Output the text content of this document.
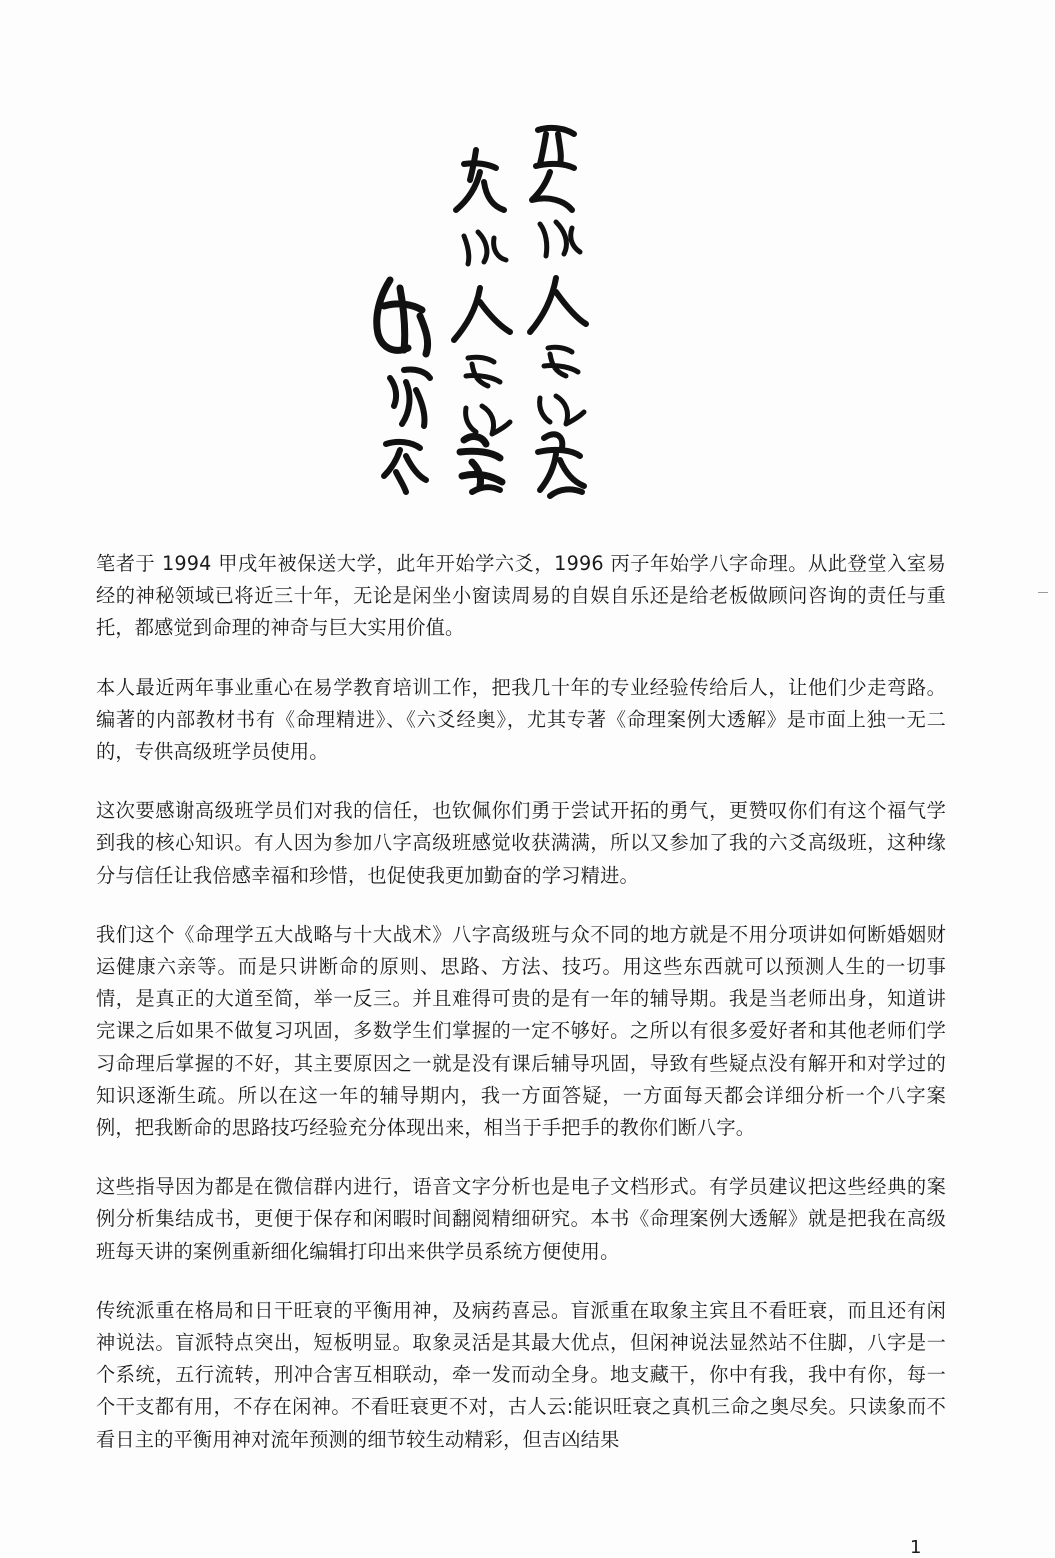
笔者于 1994 甲戌年被保送大学，此年开始学六爻，1996 丙子年始学八字命理。从此登堂入室易经的神秘领域已将近三十年，无论是闲坐小窗读周易的自娱自乐还是给老板做顾问咨询的责任与重托，都感觉到命理的神奇与巨大实用价值。

本人最近两年事业重心在易学教育培训工作，把我几十年的专业经验传给后人，让他们少走弯路。编著的内部教材书有《命理精进》、《六爻经奥》，尤其专著《命理案例大透解》是市面上独一无二的，专供高级班学员使用。

这次要感谢高级班学员们对我的信任，也钦佩你们勇于尝试开拓的勇气，更赞叹你们有这个福气学到我的核心知识。有人因为参加八字高级班感觉收获满满，所以又参加了我的六爻高级班，这种缘分与信任让我倍感幸福和珍惜，也促使我更加勤奋的学习精进。

我们这个《命理学五大战略与十大战术》八字高级班与众不同的地方就是不用分项讲如何断婚姻财运健康六亲等。而是只讲断命的原则、思路、方法、技巧。用这些东西就可以预测人生的一切事情，是真正的大道至简，举一反三。并且难得可贵的是有一年的辅导期。我是当老师出身，知道讲完课之后如果不做复习巩固，多数学生们掌握的一定不够好。之所以有很多爱好者和其他老师们学习命理后掌握的不好，其主要原因之一就是没有课后辅导巩固，导致有些疑点没有解开和对学过的知识逐渐生疏。所以在这一年的辅导期内，我一方面答疑，一方面每天都会详细分析一个八字案例，把我断命的思路技巧经验充分体现出来，相当于手把手的教你们断八字。

这些指导因为都是在微信群内进行，语音文字分析也是电子文档形式。有学员建议把这些经典的案例分析集结成书，更便于保存和闲暇时间翻阅精细研究。本书《命理案例大透解》就是把我在高级班每天讲的案例重新细化编辑打印出来供学员系统方便使用。

传统派重在格局和日干旺衰的平衡用神，及病药喜忌。盲派重在取象主宾且不看旺衰，而且还有闲神说法。盲派特点突出，短板明显。取象灵活是其最大优点，但闲神说法显然站不住脚，八字是一个系统，五行流转，刑冲合害互相联动，牵一发而动全身。地支藏干，你中有我，我中有你，每一个干支都有用，不存在闲神。不看旺衰更不对，古人云:能识旺衰之真机三命之奥尽矣。只读象而不看日主的平衡用神对流年预测的细节较生动精彩，但吉凶结果

1
